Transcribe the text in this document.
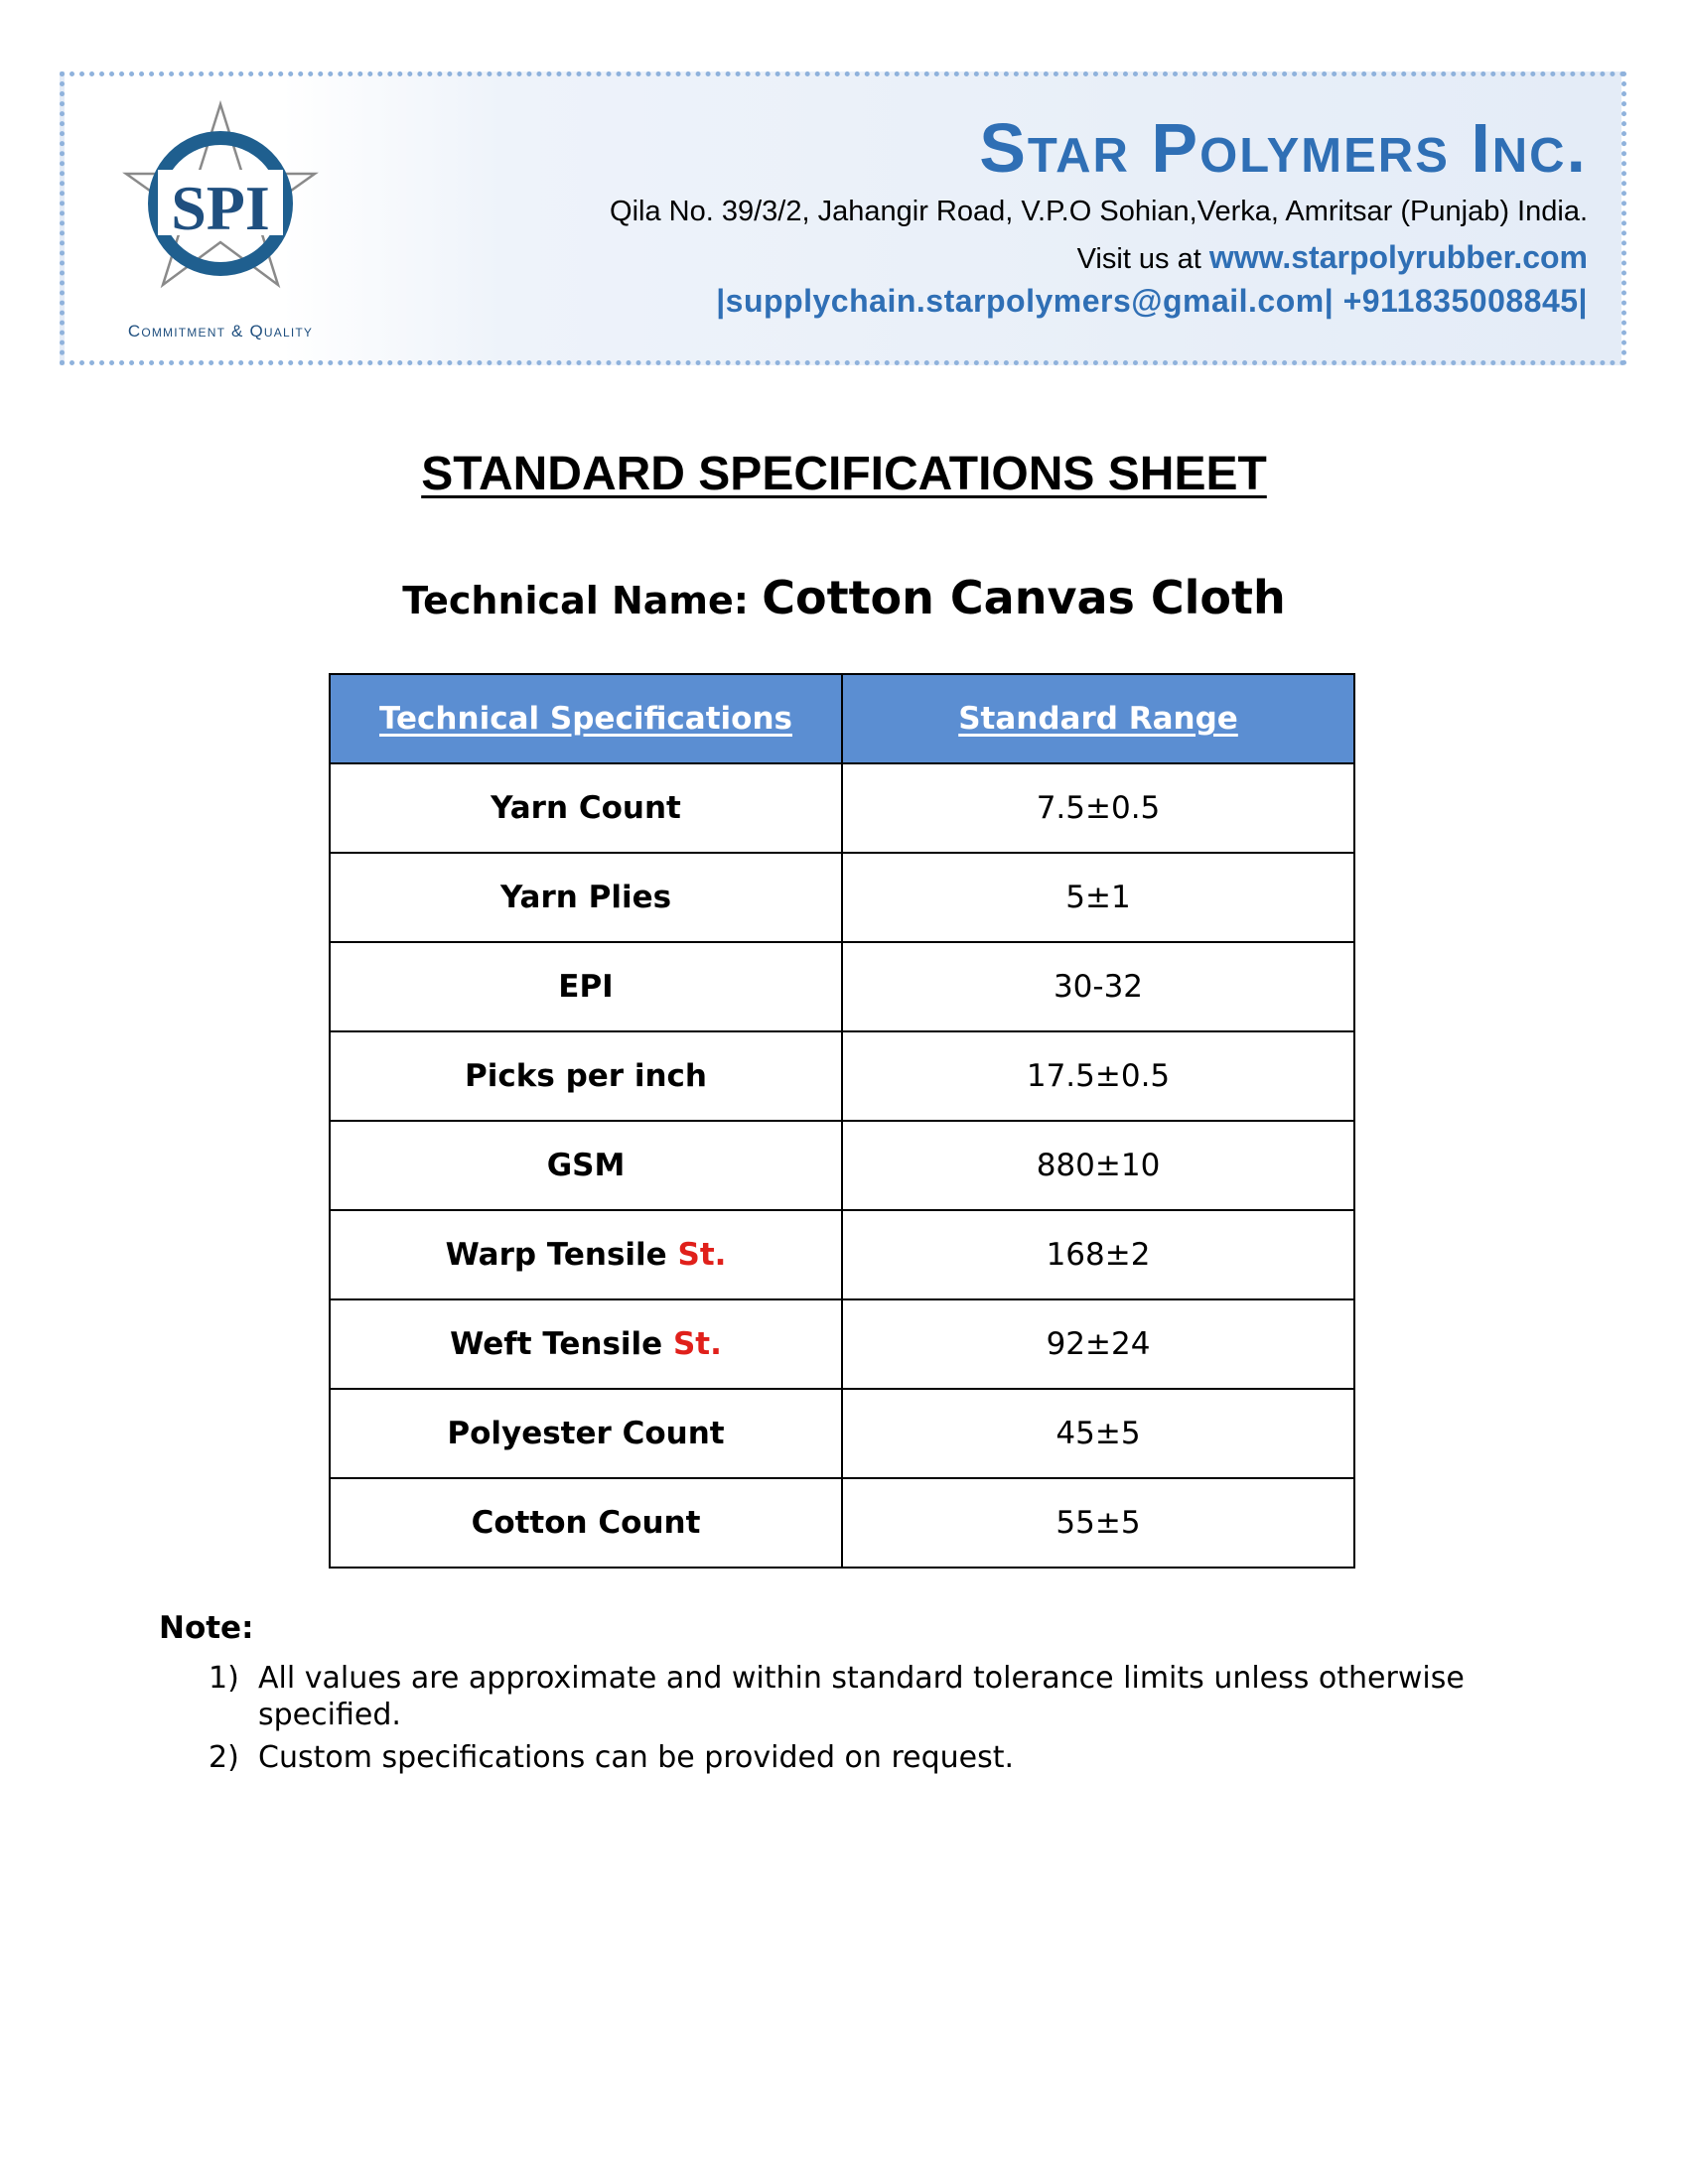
SPI
Commitment & Quality
Star Polymers Inc.
Qila No. 39/3/2, Jahangir Road, V.P.O Sohian,Verka, Amritsar (Punjab) India.
Visit us at www.starpolyrubber.com
|supplychain.starpolymers@gmail.com| +911835008845|
STANDARD SPECIFICATIONS SHEET
Technical Name: Cotton Canvas Cloth
Technical Specifications	Standard Range
Yarn Count	7.5±0.5
Yarn Plies	5±1
EPI	30-32
Picks per inch	17.5±0.5
GSM	880±10
Warp Tensile St.	168±2
Weft Tensile St.	92±24
Polyester Count	45±5
Cotton Count	55±5
Note:
1) All values are approximate and within standard tolerance limits unless otherwise specified.
2) Custom specifications can be provided on request.
